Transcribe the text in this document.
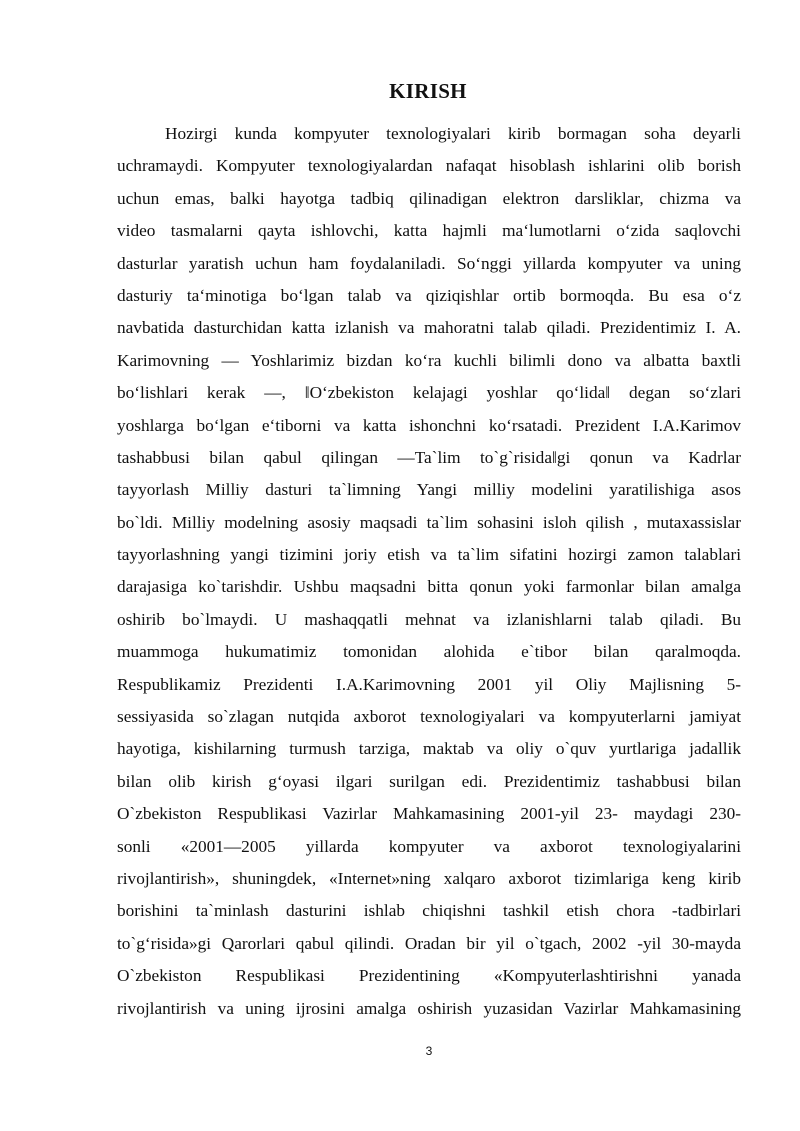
KIRISH
Hozirgi kunda kompyuter texnologiyalari kirib bormagan soha deyarli
uchramaydi. Kompyuter texnologiyalardan nafaqat hisoblash ishlarini olib borish
uchun emas, balki hayotga tadbiq qilinadigan elektron darsliklar, chizma va
video tasmalarni qayta ishlovchi, katta hajmli ma‘lumotlarni o‘zida saqlovchi
dasturlar yaratish uchun ham foydalaniladi. So‘nggi yillarda kompyuter va uning
dasturiy ta‘minotiga bo‘lgan talab va qiziqishlar ortib bormoqda. Bu esa o‘z
navbatida dasturchidan katta izlanish va mahoratni talab qiladi. Prezidentimiz I. A.
Karimovning — Yoshlarimiz bizdan ko‘ra kuchli bilimli dono va albatta baxtli
bo‘lishlari kerak —, ‖O‘zbekiston kelajagi yoshlar qo‘lida‖ degan so‘zlari
yoshlarga bo‘lgan e‘tiborni va katta ishonchni ko‘rsatadi. Prezident I.A.Karimov
tashabbusi bilan qabul qilingan —Ta`lim to`g`risida‖gi qonun va Kadrlar
tayyorlash Milliy dasturi ta`limning Yangi milliy modelini yaratilishiga asos
bo`ldi. Milliy modelning asosiy maqsadi ta`lim sohasini isloh qilish , mutaxassislar
tayyorlashning yangi tizimini joriy etish va ta`lim sifatini hozirgi zamon talablari
darajasiga ko`tarishdir. Ushbu maqsadni bitta qonun yoki farmonlar bilan amalga
oshirib bo`lmaydi. U mashaqqatli mehnat va izlanishlarni talab qiladi. Bu
muammoga hukumatimiz tomonidan alohida e`tibor bilan qaralmoqda.
Respublikamiz Prezidenti I.A.Karimovning 2001 yil Oliy Majlisning 5-
sessiyasida so`zlagan nutqida axborot texnologiyalari va kompyuterlarni jamiyat
hayotiga, kishilarning turmush tarziga, maktab va oliy o`quv yurtlariga jadallik
bilan olib kirish g‘oyasi ilgari surilgan edi. Prezidentimiz tashabbusi bilan
O`zbekiston Respublikasi Vazirlar Mahkamasining 2001-yil 23- maydagi 230-
sonli «2001—2005 yillarda kompyuter va axborot texnologiyalarini
rivojlantirish», shuningdek, «Internet»ning xalqaro axborot tizimlariga keng kirib
borishini ta`minlash dasturini ishlab chiqishni tashkil etish chora -tadbirlari
to`g‘risida»gi Qarorlari qabul qilindi. Oradan bir yil o`tgach, 2002 -yil 30-mayda
O`zbekiston Respublikasi Prezidentining «Kompyuterlashtirishni yanada
rivojlantirish va uning ijrosini amalga oshirish yuzasidan Vazirlar Mahkamasining
3
